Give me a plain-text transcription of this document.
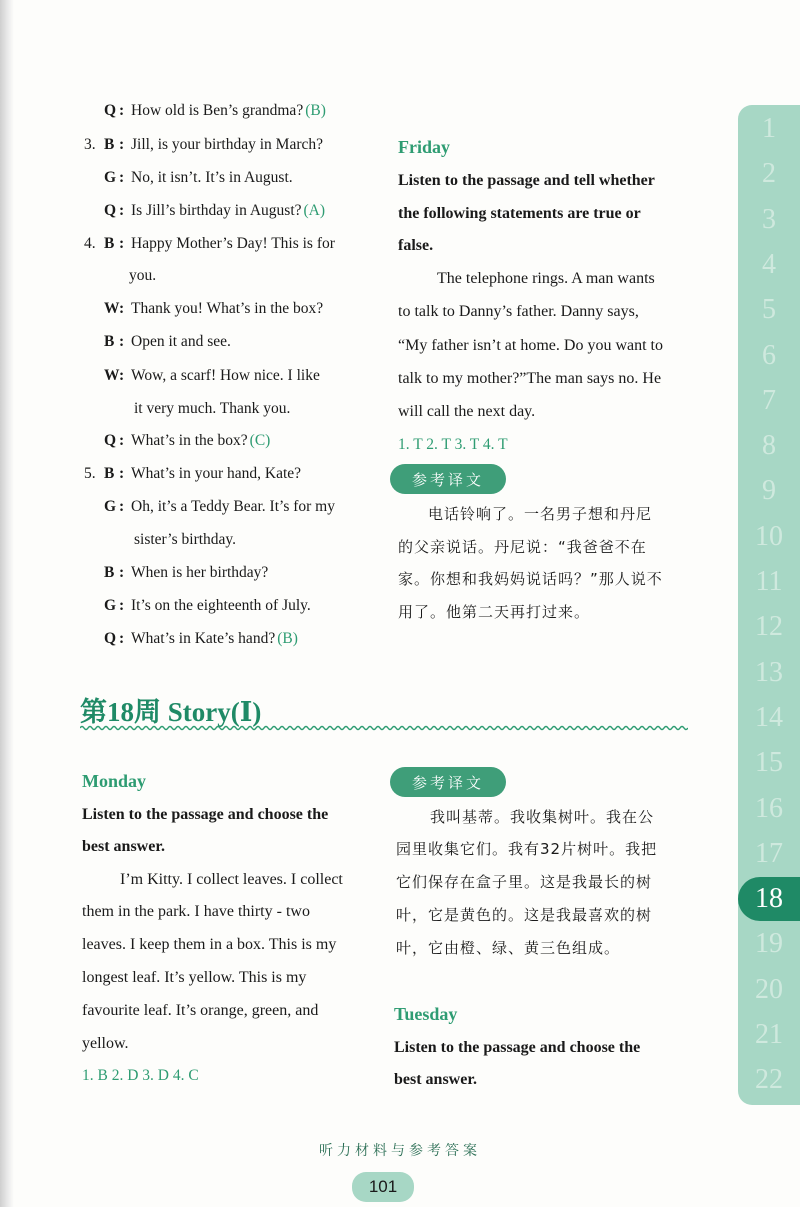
Q : How old is Ben’s grandma? (B)
3. B : Jill, is your birthday in March?
G : No, it isn’t. It’s in August.
Q : Is Jill’s birthday in August? (A)
4. B : Happy Mother’s Day! This is for
you.
W : Thank you! What’s in the box?
B : Open it and see.
W : Wow, a scarf! How nice. I like
it very much. Thank you.
Q : What’s in the box? (C)
5. B : What’s in your hand, Kate?
G : Oh, it’s a Teddy Bear. It’s for my
sister’s birthday.
B : When is her birthday?
G : It’s on the eighteenth of July.
Q : What’s in Kate’s hand? (B)
Friday
Listen to the passage and tell whether
the following statements are true or
false.
The telephone rings. A man wants
to talk to Danny’s father. Danny says,
“My father isn’t at home. Do you want to
talk to my mother?”The man says no. He
will call the next day.
1. T 2. T 3. T 4. T
参考译文
电话铃响了。一名男子想和丹尼
的父亲说话。丹尼说：“我爸爸不在
家。你想和我妈妈说话吗？”那人说不
用了。他第二天再打过来。
第18周 Story(Ⅰ)
Monday
Listen to the passage and choose the
best answer.
I’m Kitty. I collect leaves. I collect
them in the park. I have thirty - two
leaves. I keep them in a box. This is my
longest leaf. It’s yellow. This is my
favourite leaf. It’s orange, green, and
yellow.
1. B 2. D 3. D 4. C
参考译文
我叫基蒂。我收集树叶。我在公
园里收集它们。我有32片树叶。我把
它们保存在盒子里。这是我最长的树
叶，它是黄色的。这是我最喜欢的树
叶，它由橙、绿、黄三色组成。
Tuesday
Listen to the passage and choose the
best answer.
1
2
3
4
5
6
7
8
9
10
11
12
13
14
15
16
17
18
19
20
21
22
听力材料与参考答案
101
